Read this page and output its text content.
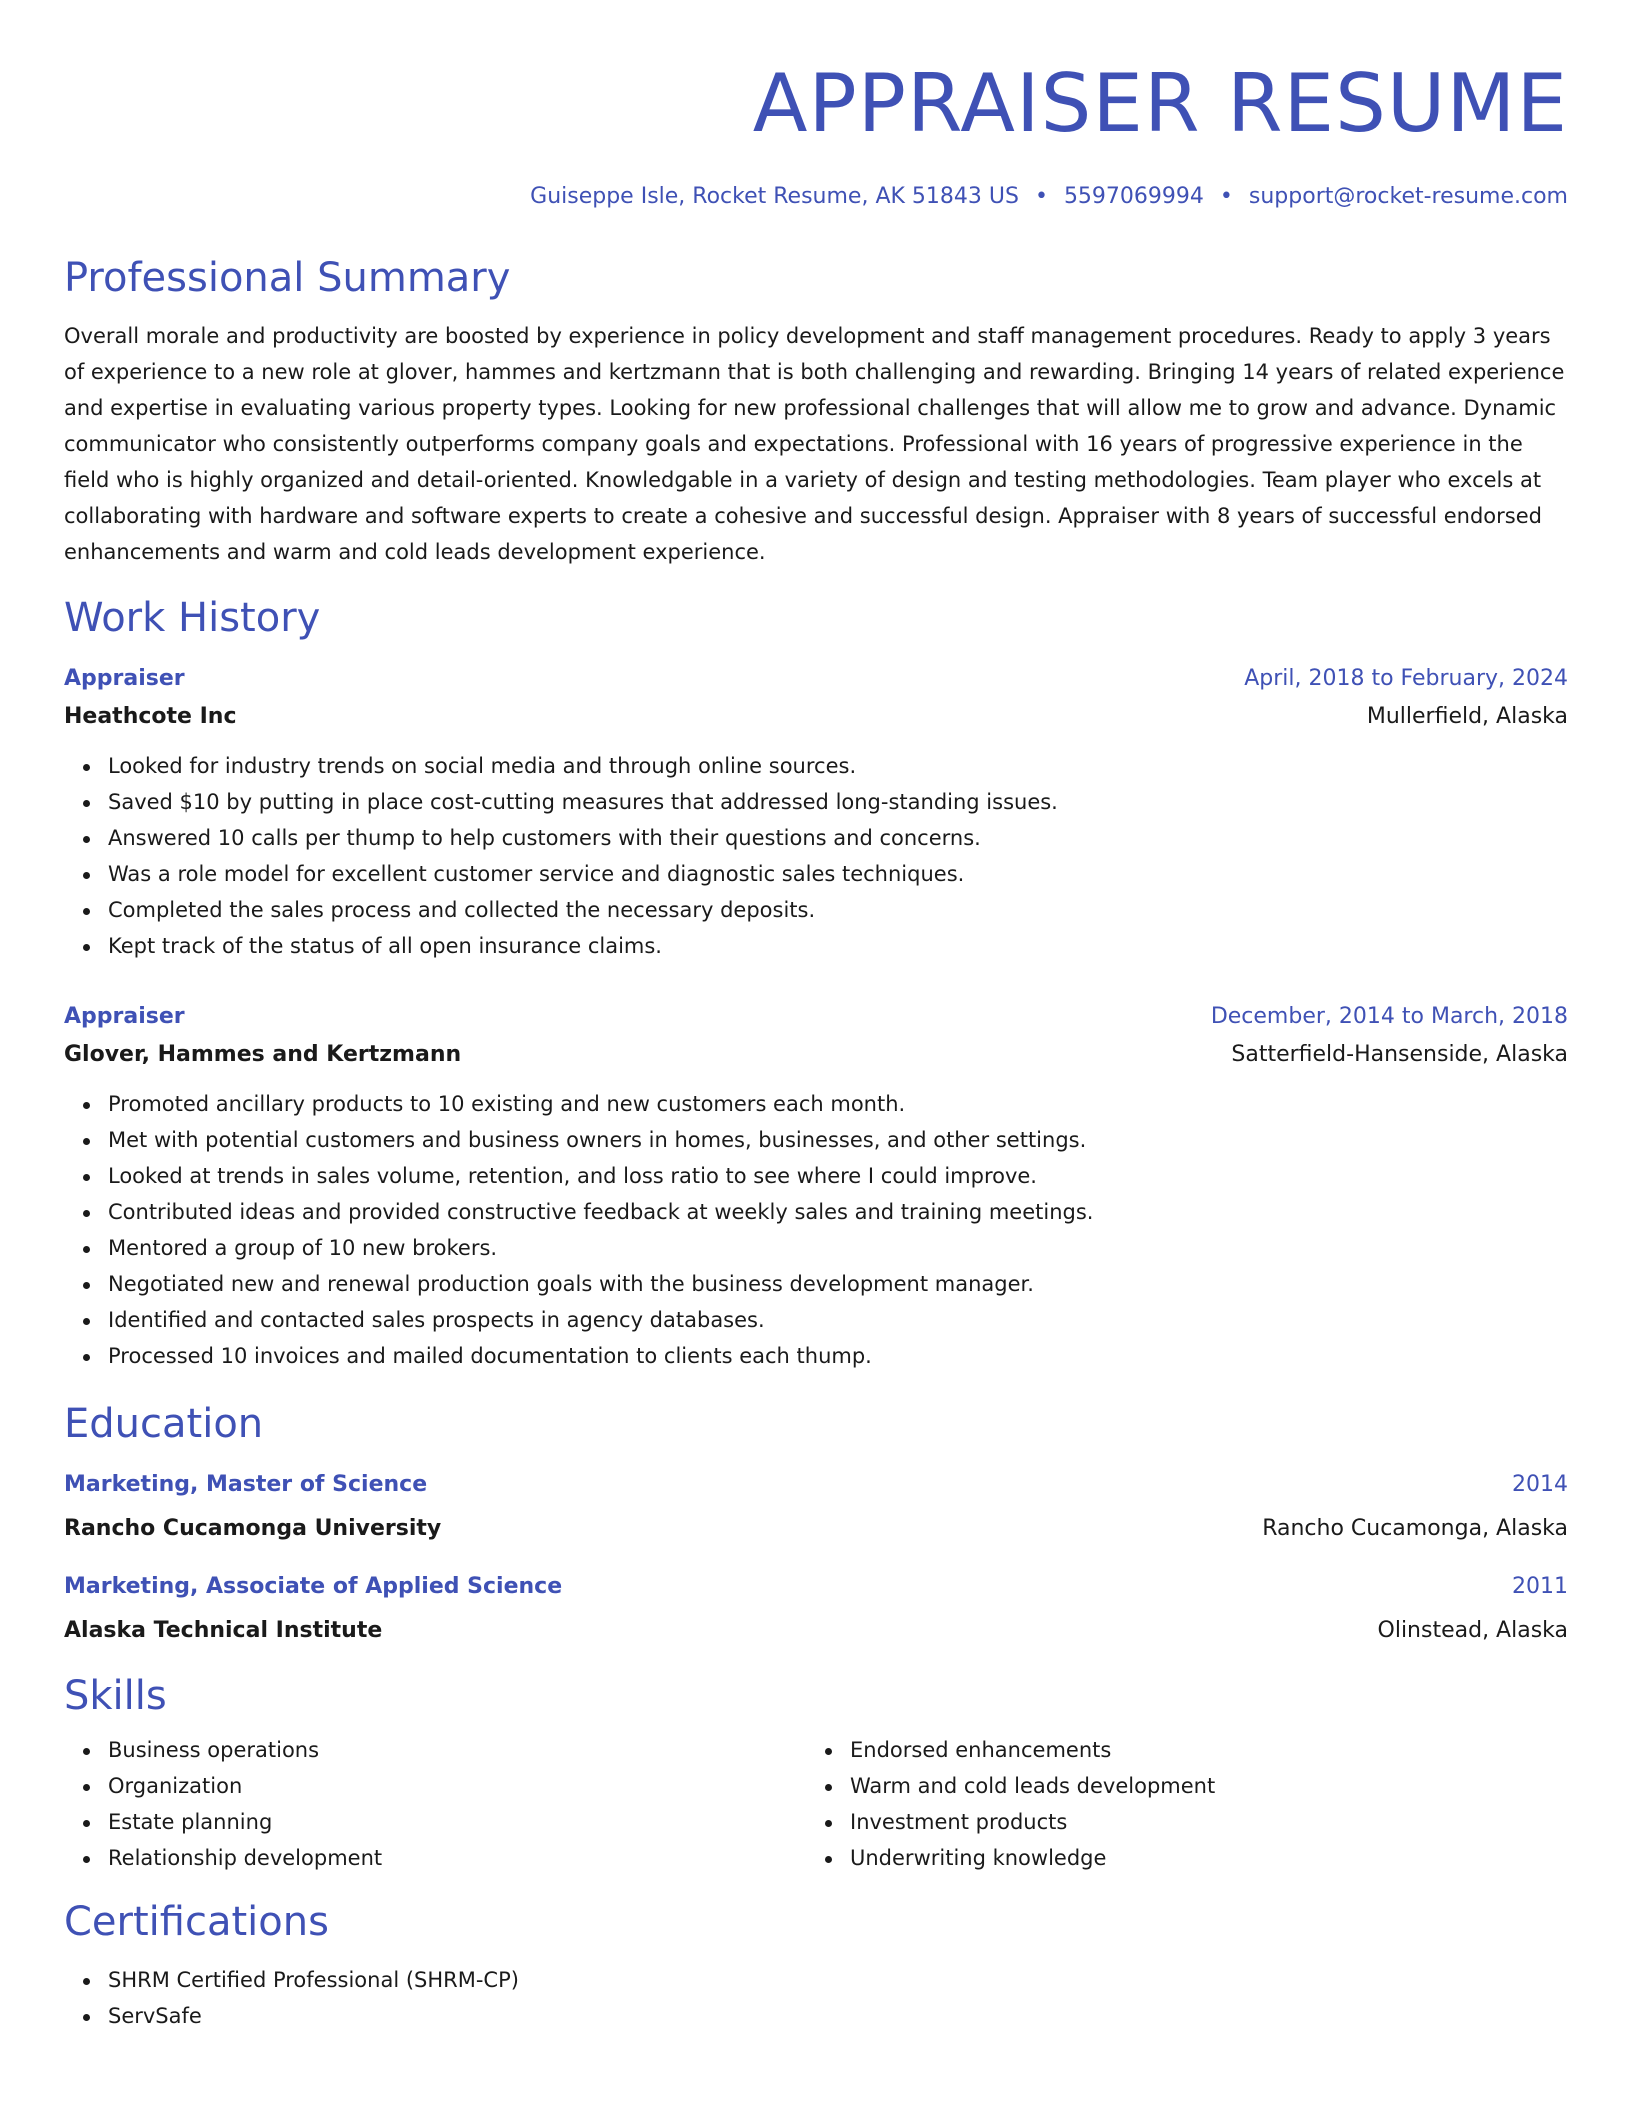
APPRAISER RESUME
Guiseppe Isle, Rocket Resume, AK 51843 US • 5597069994 • support@rocket-resume.com
Professional Summary

Overall morale and productivity are boosted by experience in policy development and staff management procedures. Ready to apply 3 years of experience to a new role at glover, hammes and kertzmann that is both challenging and rewarding. Bringing 14 years of related experience and expertise in evaluating various property types. Looking for new professional challenges that will allow me to grow and advance. Dynamic communicator who consistently outperforms company goals and expectations. Professional with 16 years of progressive experience in the field who is highly organized and detail-oriented. Knowledgable in a variety of design and testing methodologies. Team player who excels at collaborating with hardware and software experts to create a cohesive and successful design. Appraiser with 8 years of successful endorsed enhancements and warm and cold leads development experience.

Work History
Appraiser	April, 2018 to February, 2024
Heathcote Inc	Mullerfield, Alaska
Looked for industry trends on social media and through online sources.
Saved $10 by putting in place cost-cutting measures that addressed long-standing issues.
Answered 10 calls per thump to help customers with their questions and concerns.
Was a role model for excellent customer service and diagnostic sales techniques.
Completed the sales process and collected the necessary deposits.
Kept track of the status of all open insurance claims.
Appraiser	December, 2014 to March, 2018
Glover, Hammes and Kertzmann	Satterfield-Hansenside, Alaska
Promoted ancillary products to 10 existing and new customers each month.
Met with potential customers and business owners in homes, businesses, and other settings.
Looked at trends in sales volume, retention, and loss ratio to see where I could improve.
Contributed ideas and provided constructive feedback at weekly sales and training meetings.
Mentored a group of 10 new brokers.
Negotiated new and renewal production goals with the business development manager.
Identified and contacted sales prospects in agency databases.
Processed 10 invoices and mailed documentation to clients each thump.
Education
Marketing, Master of Science	2014
Rancho Cucamonga University	Rancho Cucamonga, Alaska
Marketing, Associate of Applied Science	2011
Alaska Technical Institute	Olinstead, Alaska
Skills
Business operations
Organization
Estate planning
Relationship development
Endorsed enhancements
Warm and cold leads development
Investment products
Underwriting knowledge
Certifications
SHRM Certified Professional (SHRM-CP)
ServSafe
